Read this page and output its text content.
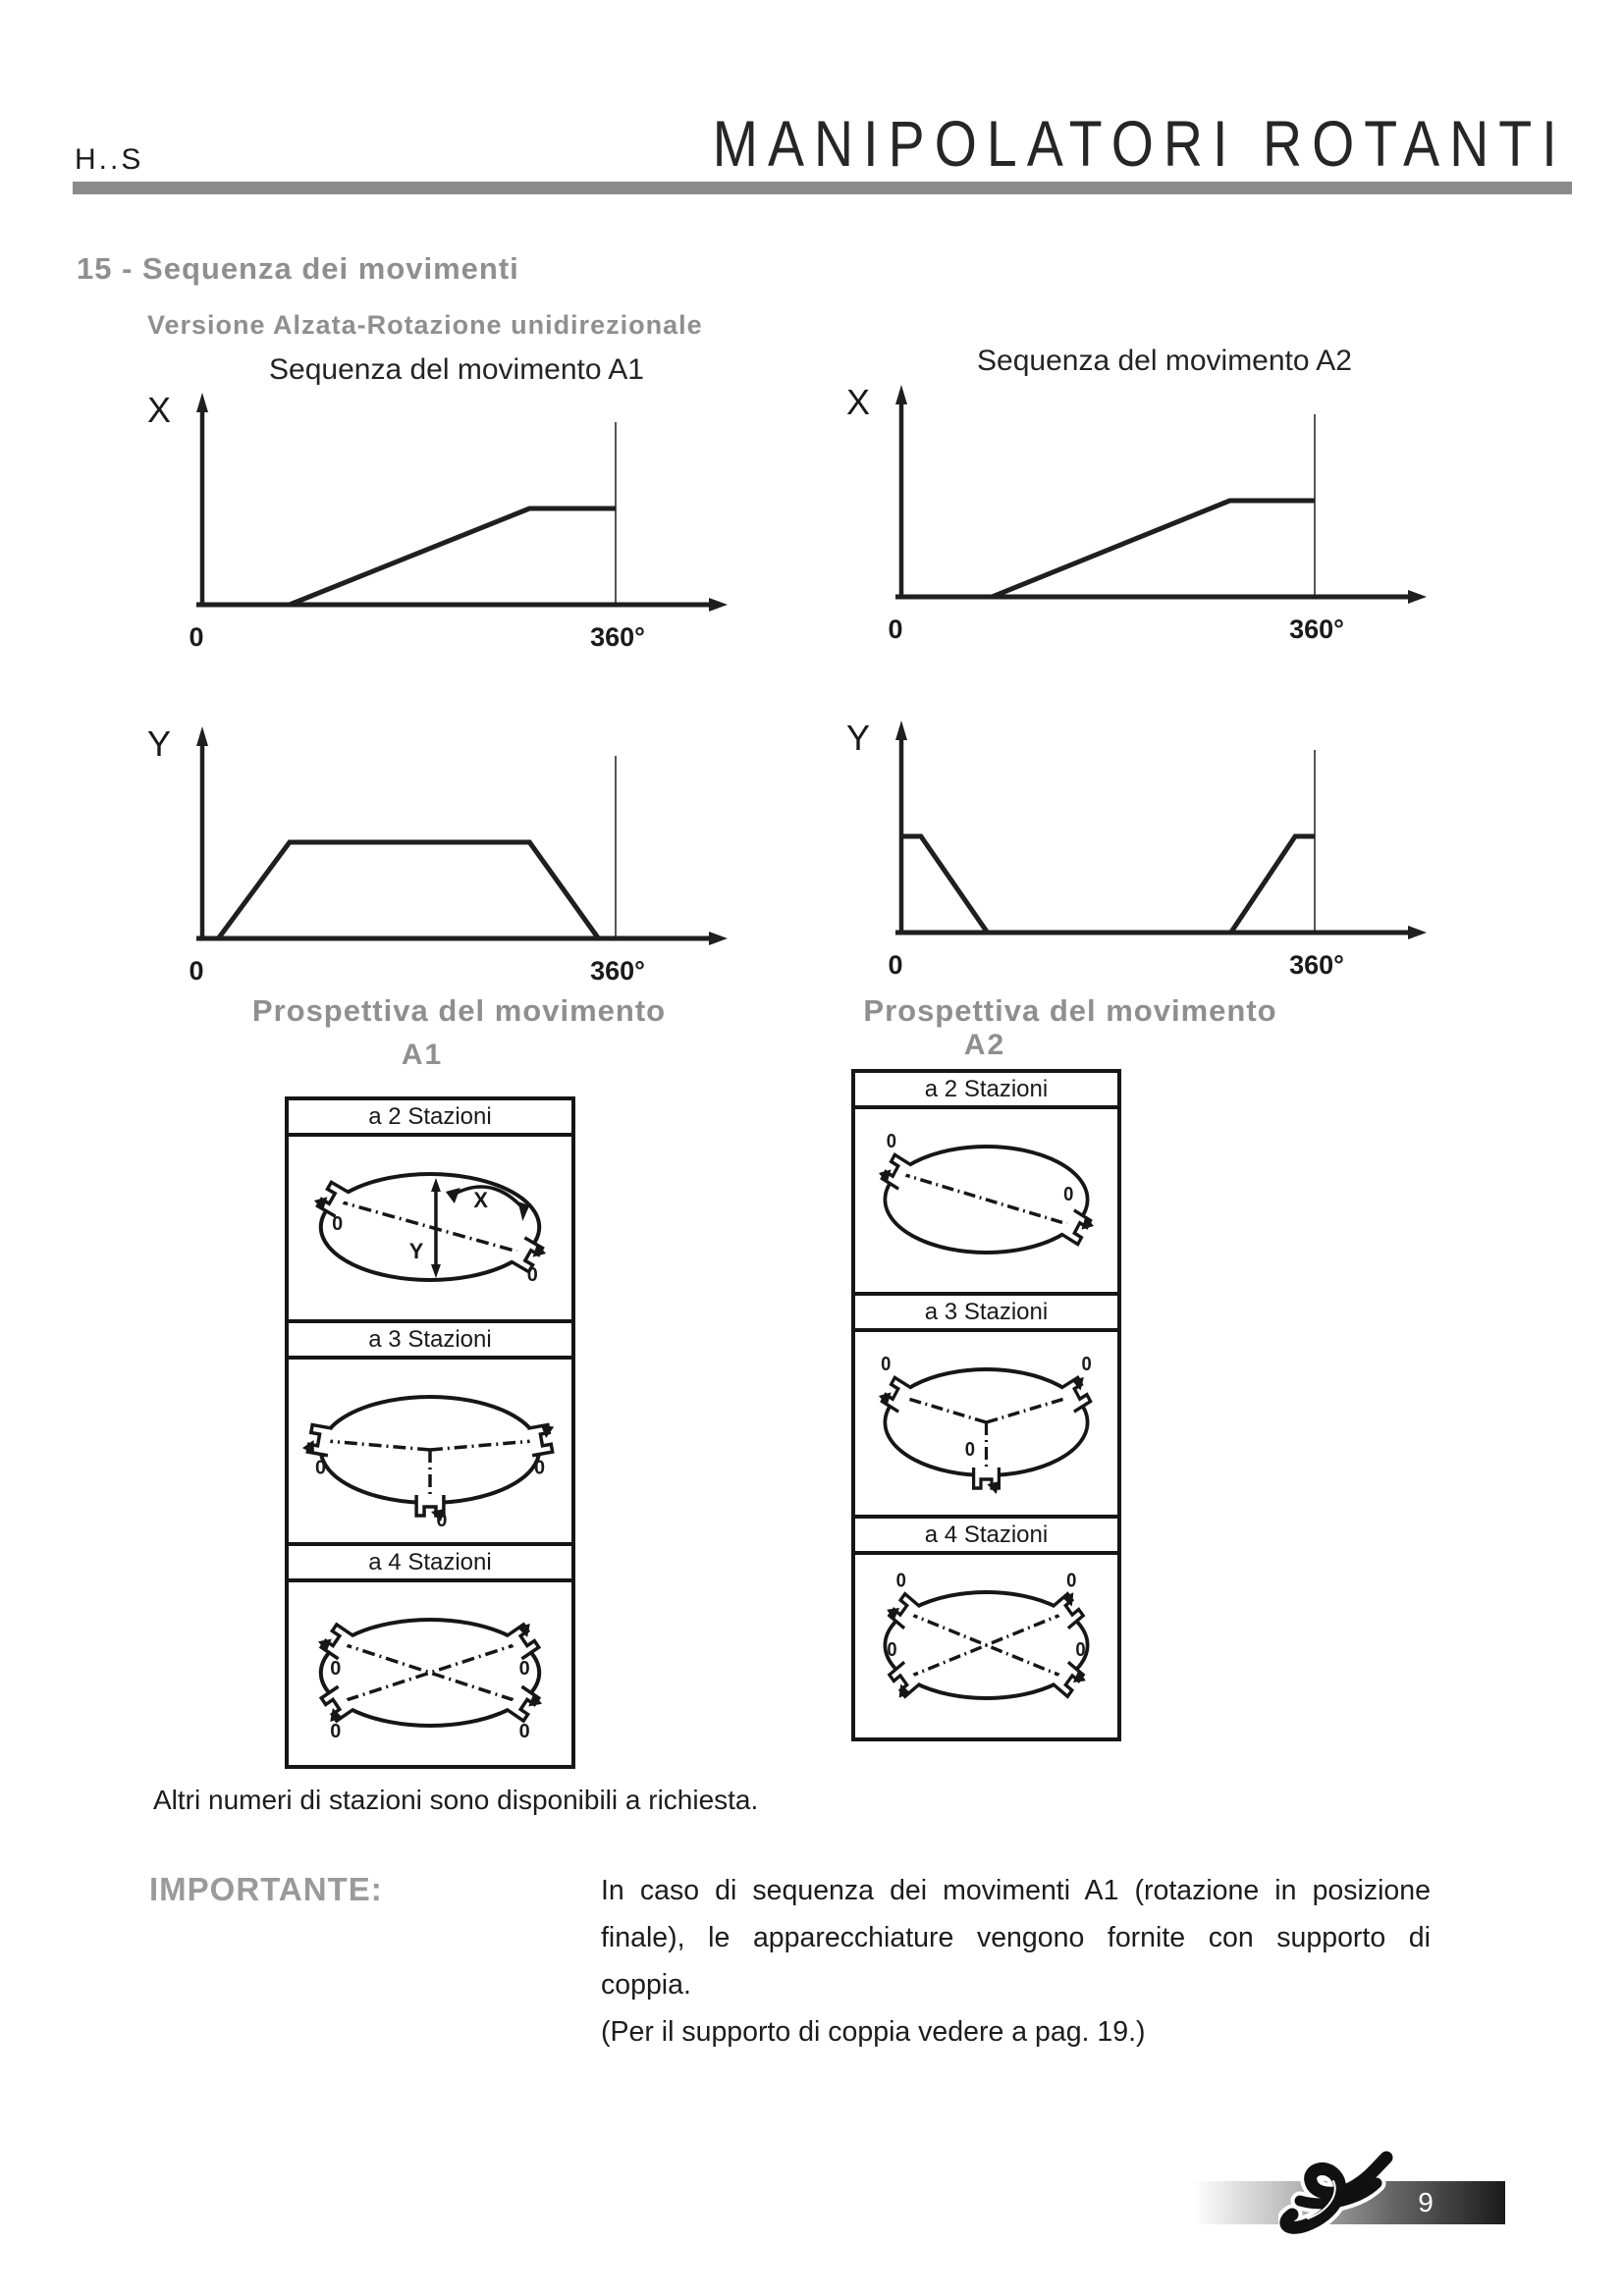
H..S	MANIPOLATORI ROTANTI
15 - Sequenza dei movimenti
Versione Alzata-Rotazione unidirezionale
Sequenza del movimento A1	Sequenza del movimento A2
X
0	360°
X
0	360°
Y
0	360°
Y
0	360°
Prospettiva del movimento	Prospettiva del movimento
A1	A2
a 2 Stazioni
0
0
Y
X
a 3 Stazioni
0	0
0
a 4 Stazioni
0	0
0	0
a 2 Stazioni
0
0
a 3 Stazioni
0	0
0
a 4 Stazioni
0	0
0	0
Altri numeri di stazioni sono disponibili a richiesta.
IMPORTANTE:	In caso di sequenza dei movimenti A1 (rotazione in posizione
finale), le apparecchiature vengono fornite con supporto di
coppia.
(Per il supporto di coppia vedere a pag. 19.)
9
